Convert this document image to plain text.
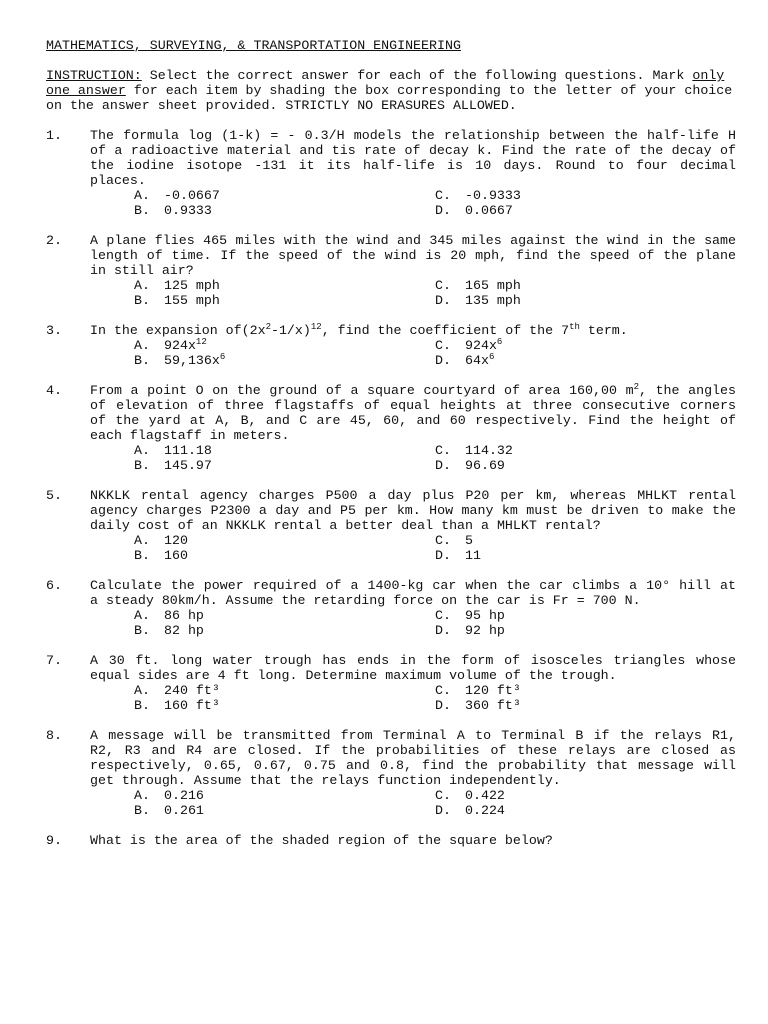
MATHEMATICS, SURVEYING, & TRANSPORTATION ENGINEERING
INSTRUCTION: Select the correct answer for each of the following questions. Mark only one answer for each item by shading the box corresponding to the letter of your choice on the answer sheet provided. STRICTLY NO ERASURES ALLOWED.
1.	The formula log (1-k) = - 0.3/H models the relationship between the half-life H of a radioactive material and tis rate of decay k. Find the rate of the decay of the iodine isotope -131 it its half-life is 10 days. Round to four decimal places.
A.	-0.0667	C.	-0.9333
B.	0.9333	D.	0.0667
2.	A plane flies 465 miles with the wind and 345 miles against the wind in the same length of time. If the speed of the wind is 20 mph, find the speed of the plane in still air?
A.	125 mph	C.	165 mph
B.	155 mph	D.	135 mph
3.	In the expansion $of(2x^2-1/x)^{12}$, find the coefficient of the 7th term.
A.	$924x^{12}$	C.	$924x^6$
B.	$59,136x^6$	D.	$64x^6$
4.	From a point O on the ground of a square courtyard of area 160,00 $m^2$, the angles of elevation of three flagstaffs of equal heights at three consecutive corners of the yard at A, B, and C are 45, 60, and 60 respectively. Find the height of each flagstaff in meters.
A.	111.18	C.	114.32
B.	145.97	D.	96.69
5.	NKKLK rental agency charges P500 a day plus P20 per km, whereas MHLKT rental agency charges P2300 a day and P5 per km. How many km must be driven to make the daily cost of an NKKLK rental a better deal than a MHLKT rental?
A.	120	C.	5
B.	160	D.	11
6.	Calculate the power required of a 1400-kg car when the car climbs a 10° hill at a steady 80km/h. Assume the retarding force on the car is Fr = 700 N.
A.	86 hp	C.	95 hp
B.	82 hp	D.	92 hp
7.	A 30 ft. long water trough has ends in the form of isosceles triangles whose equal sides are 4 ft long. Determine maximum volume of the trough.
A.	240 ft³	C.	120 ft³
B.	160 ft³	D.	360 ft³
8.	A message will be transmitted from Terminal A to Terminal B if the relays R1, R2, R3 and R4 are closed. If the probabilities of these relays are closed as respectively, 0.65, 0.67, 0.75 and 0.8, find the probability that message will get through. Assume that the relays function independently.
A.	0.216	C.	0.422
B.	0.261	D.	0.224
9.	What is the area of the shaded region of the square below?
